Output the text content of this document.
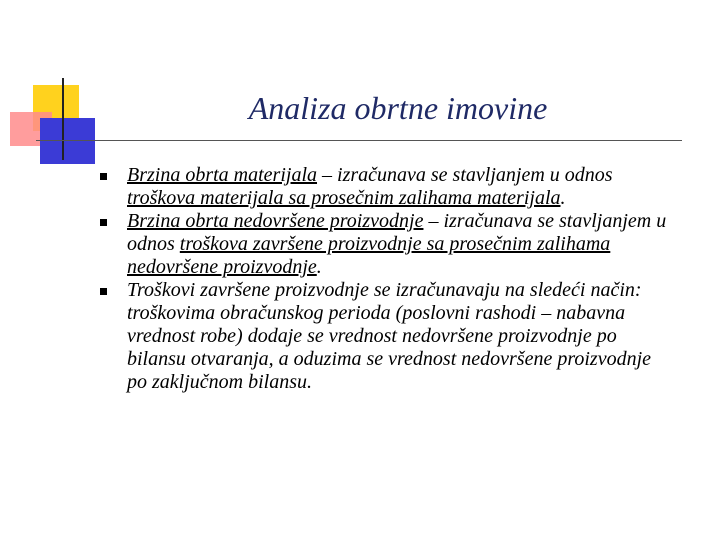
Analiza obrtne imovine
Brzina obrta materijala – izračunava se stavljanjem u odnos troškova materijala sa prosečnim zalihama materijala.
Brzina obrta nedovršene proizvodnje – izračunava se stavljanjem u odnos troškova završene proizvodnje sa prosečnim zalihama nedovršene proizvodnje.
Troškovi završene proizvodnje se izračunavaju na sledeći način: troškovima obračunskog perioda (poslovni rashodi – nabavna vrednost robe) dodaje se vrednost nedovršene proizvodnje po bilansu otvaranja, a oduzima se vrednost nedovršene proizvodnje po zaključnom bilansu.
